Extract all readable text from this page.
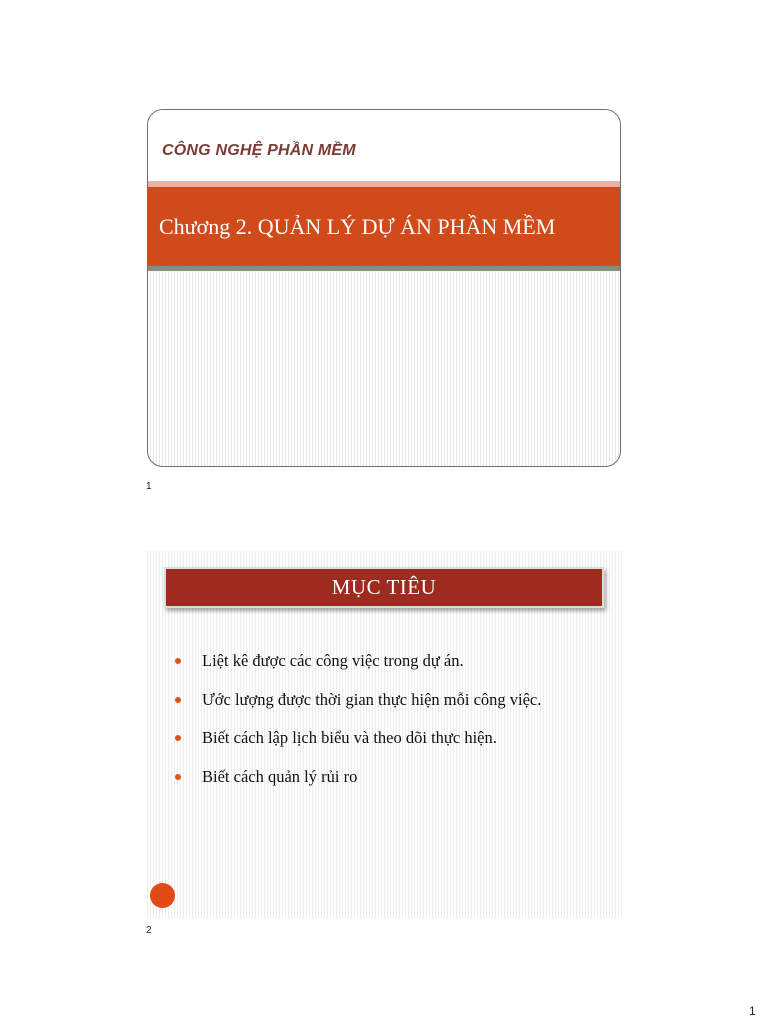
CÔNG NGHỆ PHẦN MỀM
Chương 2. QUẢN LÝ DỰ ÁN PHẦN MỀM
1
MỤC TIÊU
Liệt kê được các công việc trong dự án.
Ước lượng được thời gian thực hiện mỗi công việc.
Biết cách lập lịch biểu và theo dõi thực hiện.
Biết cách quản lý rủi ro
2
1
